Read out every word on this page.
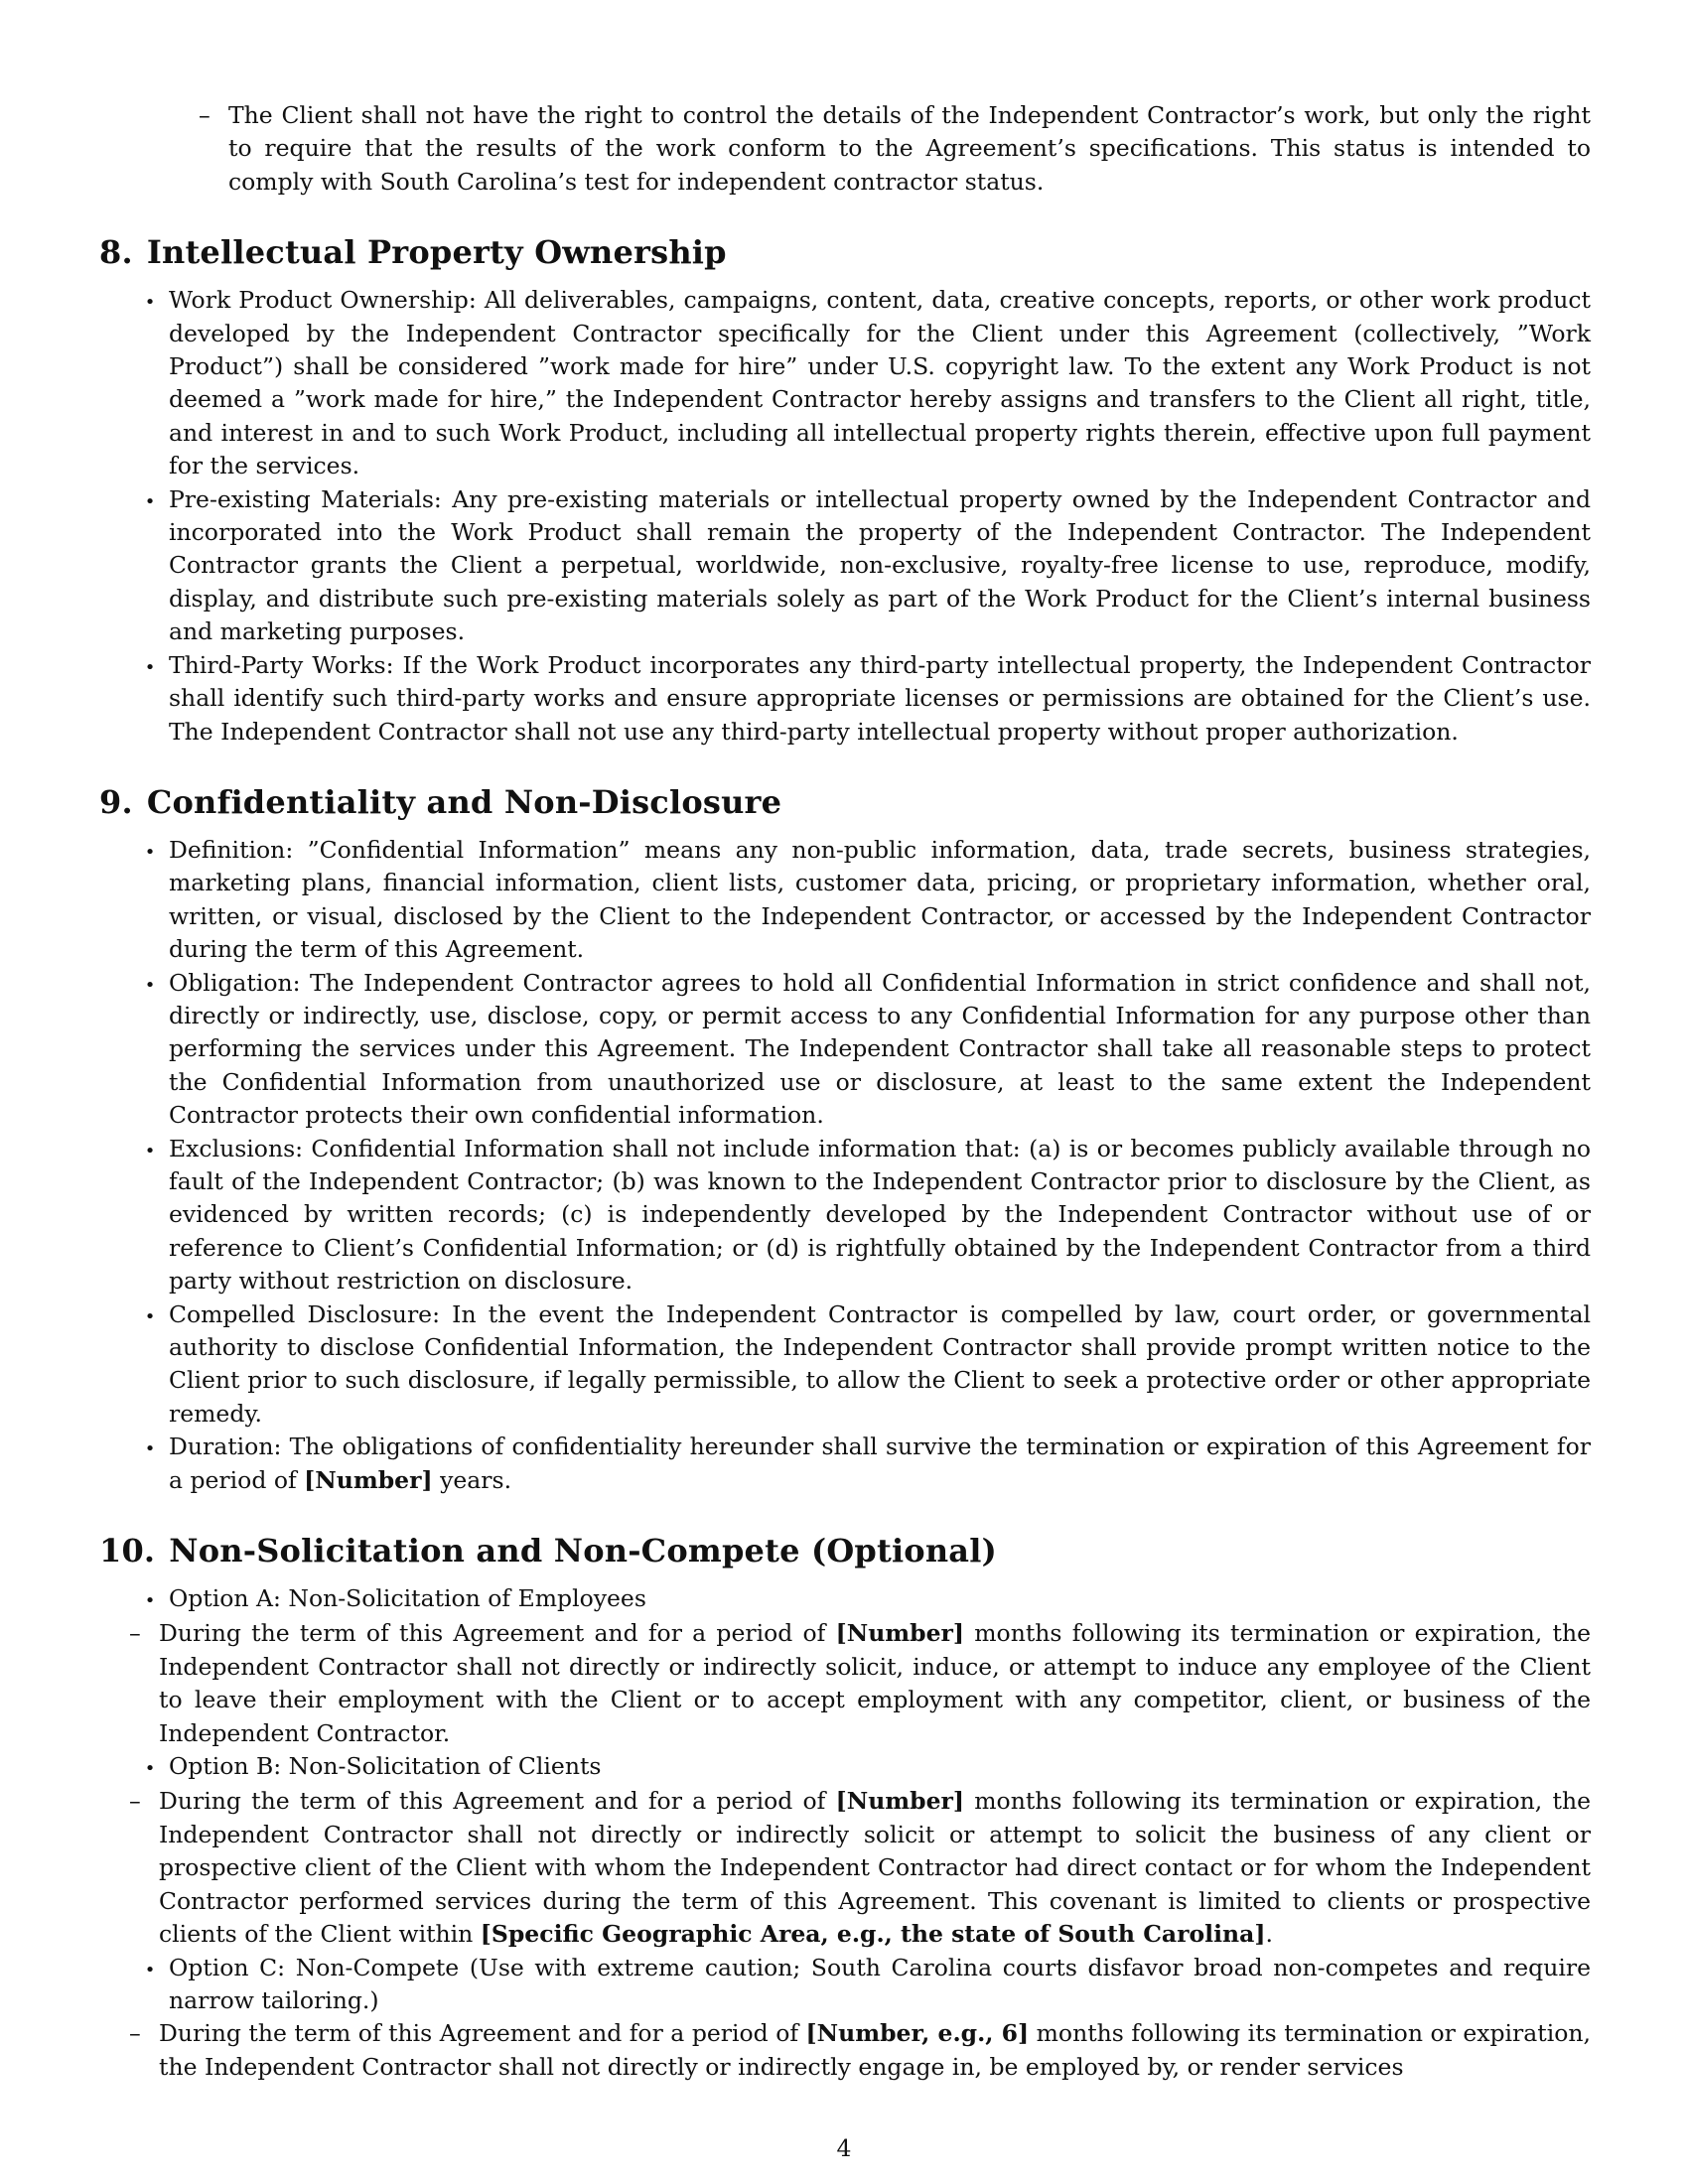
– The Client shall not have the right to control the details of the Independent Contractor’s work, but only the right to require that the results of the work conform to the Agreement’s specifications. This status is intended to comply with South Carolina’s test for independent contractor status.

8. Intellectual Property Ownership
• Work Product Ownership: All deliverables, campaigns, content, data, creative concepts, reports, or other work product developed by the Independent Contractor specifically for the Client under this Agreement (collectively, ”Work Product”) shall be considered ”work made for hire” under U.S. copyright law. To the extent any Work Product is not deemed a ”work made for hire,” the Independent Contractor hereby assigns and transfers to the Client all right, title, and interest in and to such Work Product, including all intellectual property rights therein, effective upon full payment for the services.

• Pre-existing Materials: Any pre-existing materials or intellectual property owned by the Independent Contractor and incorporated into the Work Product shall remain the property of the Independent Contractor. The Independent Contractor grants the Client a perpetual, worldwide, non-exclusive, royalty-free license to use, reproduce, modify, display, and distribute such pre-existing materials solely as part of the Work Product for the Client’s internal business and marketing purposes.

• Third-Party Works: If the Work Product incorporates any third-party intellectual property, the Independent Contractor shall identify such third-party works and ensure appropriate licenses or permissions are obtained for the Client’s use. The Independent Contractor shall not use any third-party intellectual property without proper authorization.

9. Confidentiality and Non-Disclosure
• Definition: ”Confidential Information” means any non-public information, data, trade secrets, business strategies, marketing plans, financial information, client lists, customer data, pricing, or proprietary information, whether oral, written, or visual, disclosed by the Client to the Independent Contractor, or accessed by the Independent Contractor during the term of this Agreement.

• Obligation: The Independent Contractor agrees to hold all Confidential Information in strict confidence and shall not, directly or indirectly, use, disclose, copy, or permit access to any Confidential Information for any purpose other than performing the services under this Agreement. The Independent Contractor shall take all reasonable steps to protect the Confidential Information from unauthorized use or disclosure, at least to the same extent the Independent Contractor protects their own confidential information.

• Exclusions: Confidential Information shall not include information that: (a) is or becomes publicly available through no fault of the Independent Contractor; (b) was known to the Independent Contractor prior to disclosure by the Client, as evidenced by written records; (c) is independently developed by the Independent Contractor without use of or reference to Client’s Confidential Information; or (d) is rightfully obtained by the Independent Contractor from a third party without restriction on disclosure.

• Compelled Disclosure: In the event the Independent Contractor is compelled by law, court order, or governmental authority to disclose Confidential Information, the Independent Contractor shall provide prompt written notice to the Client prior to such disclosure, if legally permissible, to allow the Client to seek a protective order or other appropriate remedy.

• Duration: The obligations of confidentiality hereunder shall survive the termination or expiration of this Agreement for a period of [Number] years.

10. Non-Solicitation and Non-Compete (Optional)
• Option A: Non-Solicitation of Employees

– During the term of this Agreement and for a period of [Number] months following its termination or expiration, the Independent Contractor shall not directly or indirectly solicit, induce, or attempt to induce any employee of the Client to leave their employment with the Client or to accept employment with any competitor, client, or business of the Independent Contractor.

• Option B: Non-Solicitation of Clients

– During the term of this Agreement and for a period of [Number] months following its termination or expiration, the Independent Contractor shall not directly or indirectly solicit or attempt to solicit the business of any client or prospective client of the Client with whom the Independent Contractor had direct contact or for whom the Independent Contractor performed services during the term of this Agreement. This covenant is limited to clients or prospective clients of the Client within [Specific Geographic Area, e.g., the state of South Carolina].

• Option C: Non-Compete (Use with extreme caution; South Carolina courts disfavor broad non-competes and require narrow tailoring.)

– During the term of this Agreement and for a period of [Number, e.g., 6] months following its termination or expiration, the Independent Contractor shall not directly or indirectly engage in, be employed by, or render services

4
